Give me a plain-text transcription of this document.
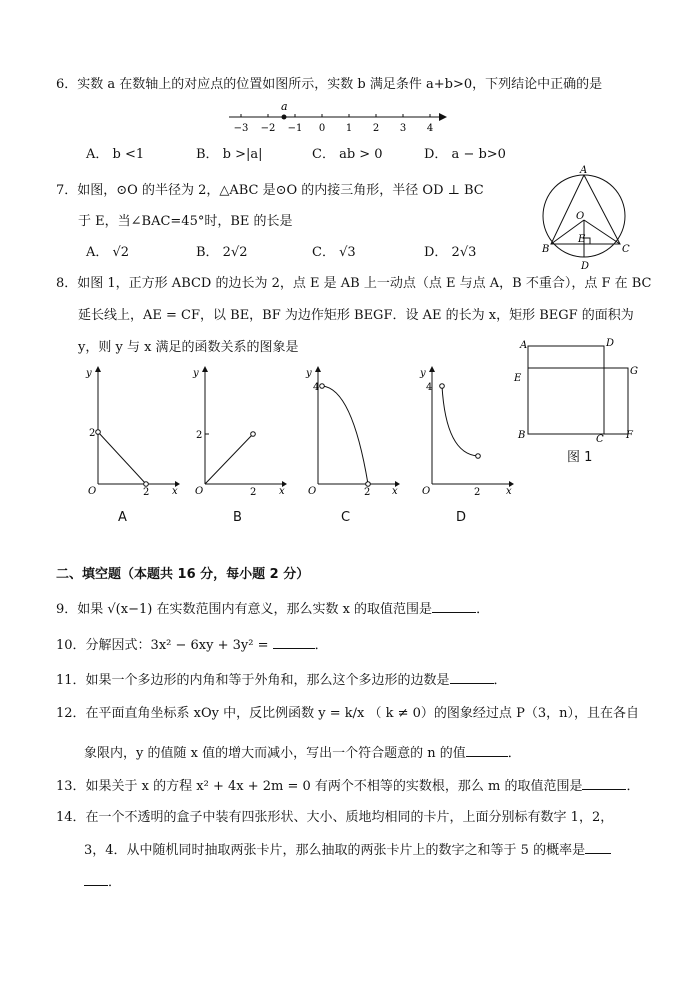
6．实数 a 在数轴上的对应点的位置如图所示，实数 b 满足条件 a+b>0，下列结论中正确的是
a
−3 −2 −1 0 1 2 3 4
A． b <1	B． b >|a|	C． ab > 0	D． a − b>0
7．如图，⊙O 的半径为 2，△ABC 是⊙O 的内接三角形，半径 OD ⊥ BC
于 E，当∠BAC=45°时，BE 的长是
A． √2	B． 2√2	C． √3	D． 2√3
A
O
B
E
C
D
8．如图 1，正方形 ABCD 的边长为 2，点 E 是 AB 上一动点（点 E 与点 A，B 不重合），点 F 在 BC
延长线上，AE = CF，以 BE，BF 为边作矩形 BEGF．设 AE 的长为 x，矩形 BEGF 的面积为
y，则 y 与 x 满足的函数关系的图象是
y
x
O
2
2
A
y
x
O
2
2
B
y
x
O
4
2
C
y
x
O
4
2
D
A	D
E
G
B	C F
图 1
二、填空题（本题共 16 分，每小题 2 分）
9．如果 √(x−1) 在实数范围内有意义，那么实数 x 的取值范围是	．
10．分解因式：3x² − 6xy + 3y² =	．
11．如果一个多边形的内角和等于外角和，那么这个多边形的边数是	．
12．在平面直角坐标系 xOy 中，反比例函数 y = k/x （ k ≠ 0）的图象经过点 P（3，n），且在各自
象限内，y 的值随 x 值的增大而减小，写出一个符合题意的 n 的值	．
13．如果关于 x 的方程 x² + 4x + 2m = 0 有两个不相等的实数根，那么 m 的取值范围是	．
14．在一个不透明的盒子中装有四张形状、大小、质地均相同的卡片，上面分别标有数字 1，2，
3，4．从中随机同时抽取两张卡片，那么抽取的两张卡片上的数字之和等于 5 的概率是
．
